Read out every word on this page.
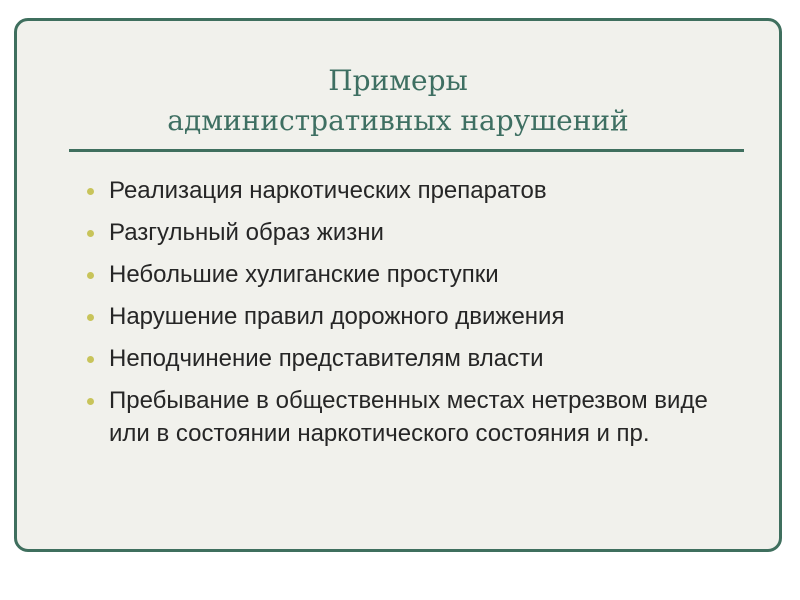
Примеры
административных нарушений
Реализация наркотических препаратов
Разгульный образ жизни
Небольшие хулиганские проступки
Нарушение правил дорожного движения
Неподчинение представителям власти
Пребывание в общественных местах нетрезвом виде или в состоянии наркотического состояния и пр.
